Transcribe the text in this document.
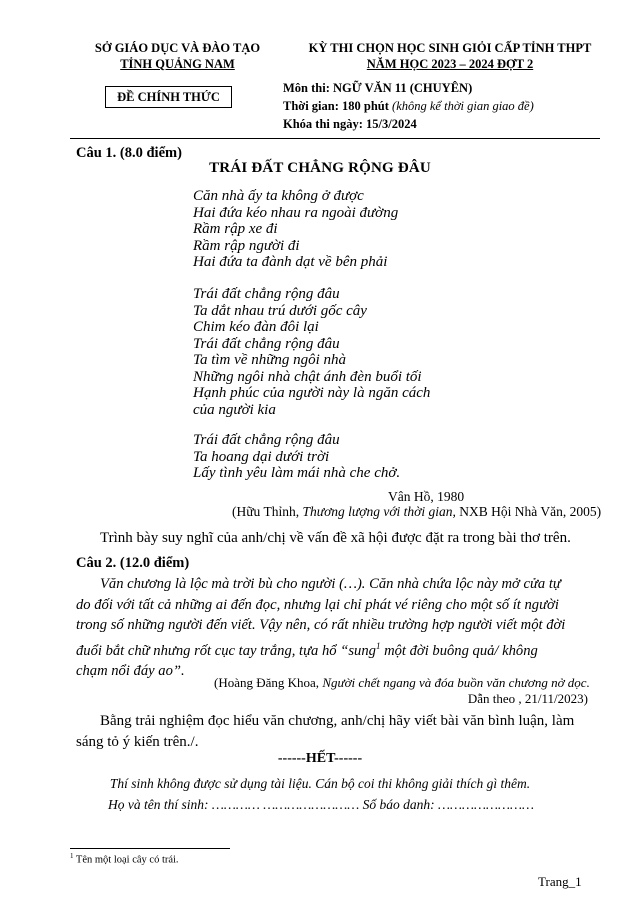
SỞ GIÁO DỤC VÀ ĐÀO TẠO
TỈNH QUẢNG NAM
ĐỀ CHÍNH THỨC
KỲ THI CHỌN HỌC SINH GIỎI CẤP TỈNH THPT
NĂM HỌC 2023 – 2024 ĐỢT 2
Môn thi: NGỮ VĂN 11 (CHUYÊN)
Thời gian: 180 phút (không kể thời gian giao đề)
Khóa thi ngày: 15/3/2024
Câu 1. (8.0 điểm)
TRÁI ĐẤT CHẲNG RỘNG ĐÂU
Căn nhà ấy ta không ở được
Hai đứa kéo nhau ra ngoài đường
Rầm rập xe đi
Rầm rập người đi
Hai đứa ta đành dạt về bên phải
Trái đất chẳng rộng đâu
Ta dắt nhau trú dưới gốc cây
Chim kéo đàn đôi lại
Trái đất chẳng rộng đâu
Ta tìm về những ngôi nhà
Những ngôi nhà chật ánh đèn buổi tối
Hạnh phúc của người này là ngăn cách
của người kia
Trái đất chẳng rộng đâu
Ta hoang dại dưới trời
Lấy tình yêu làm mái nhà che chở.
Vân Hồ, 1980
(Hữu Thỉnh, Thương lượng với thời gian, NXB Hội Nhà Văn, 2005)
Trình bày suy nghĩ của anh/chị về vấn đề xã hội được đặt ra trong bài thơ trên.
Câu 2. (12.0 điểm)
Văn chương là lộc mà trời bù cho người (…). Căn nhà chứa lộc này mở cửa tự
do đối với tất cả những ai đến đọc, nhưng lại chỉ phát vé riêng cho một số ít người
trong số những người đến viết. Vậy nên, có rất nhiều trường hợp người viết một đời
đuổi bắt chữ nhưng rốt cục tay trắng, tựa hổ “sung$^1$ một đời buông quả/ không
chạm nổi đáy ao”.
(Hoàng Đăng Khoa, Người chết ngang và đóa buồn văn chương nở dọc.
Dẫn theo , 21/11/2023)
Bằng trải nghiệm đọc hiểu văn chương, anh/chị hãy viết bài văn bình luận, làm
sáng tỏ ý kiến trên./.
------HẾT------
Thí sinh không được sử dụng tài liệu. Cán bộ coi thi không giải thích gì thêm.
Họ và tên thí sinh: ………… …………………… Số báo danh: ……………………
$^1$ Tên một loại cây có trái.
Trang_1
